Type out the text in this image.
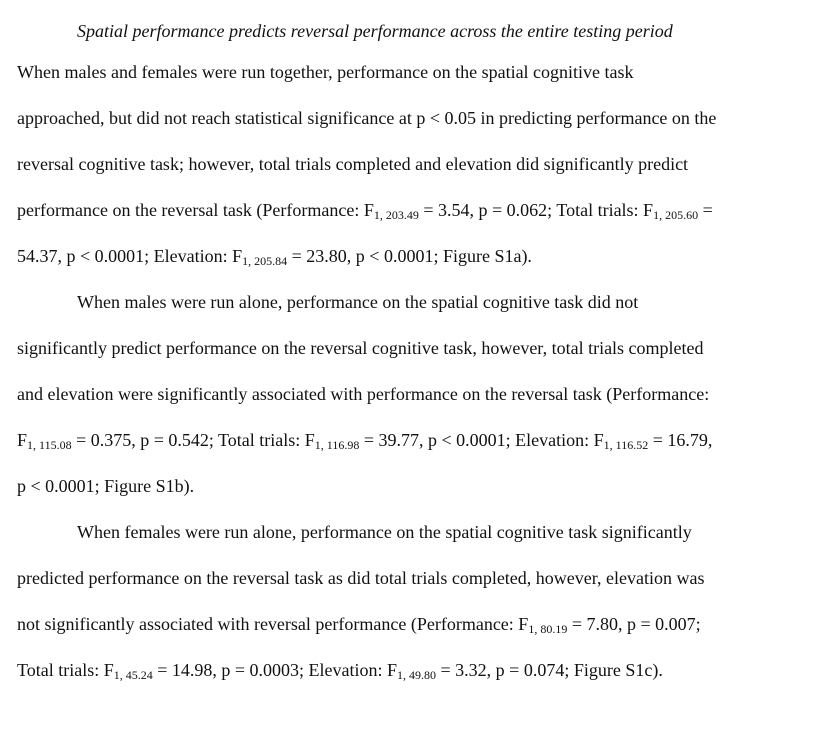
Spatial performance predicts reversal performance across the entire testing period
When males and females were run together, performance on the spatial cognitive task
approached, but did not reach statistical significance at p < 0.05 in predicting performance on the
reversal cognitive task; however, total trials completed and elevation did significantly predict
performance on the reversal task (Performance: $F_{1, 203.49} = 3.54$, p = 0.062; Total trials: $F_{1, 205.60}$ =
54.37, p < 0.0001; Elevation: $F_{1, 205.84} = 23.80$, p < 0.0001; Figure S1a).
When males were run alone, performance on the spatial cognitive task did not
significantly predict performance on the reversal cognitive task, however, total trials completed
and elevation were significantly associated with performance on the reversal task (Performance:
$F_{1, 115.08} = 0.375$, p = 0.542; Total trials: $F_{1, 116.98} = 39.77$, p < 0.0001; Elevation: $F_{1, 116.52} = 16.79$,
p < 0.0001; Figure S1b).
When females were run alone, performance on the spatial cognitive task significantly
predicted performance on the reversal task as did total trials completed, however, elevation was
not significantly associated with reversal performance (Performance: $F_{1, 80.19} = 7.80$, p = 0.007;
Total trials: $F_{1, 45.24} = 14.98$, p = 0.0003; Elevation: $F_{1, 49.80} = 3.32$, p = 0.074; Figure S1c).
